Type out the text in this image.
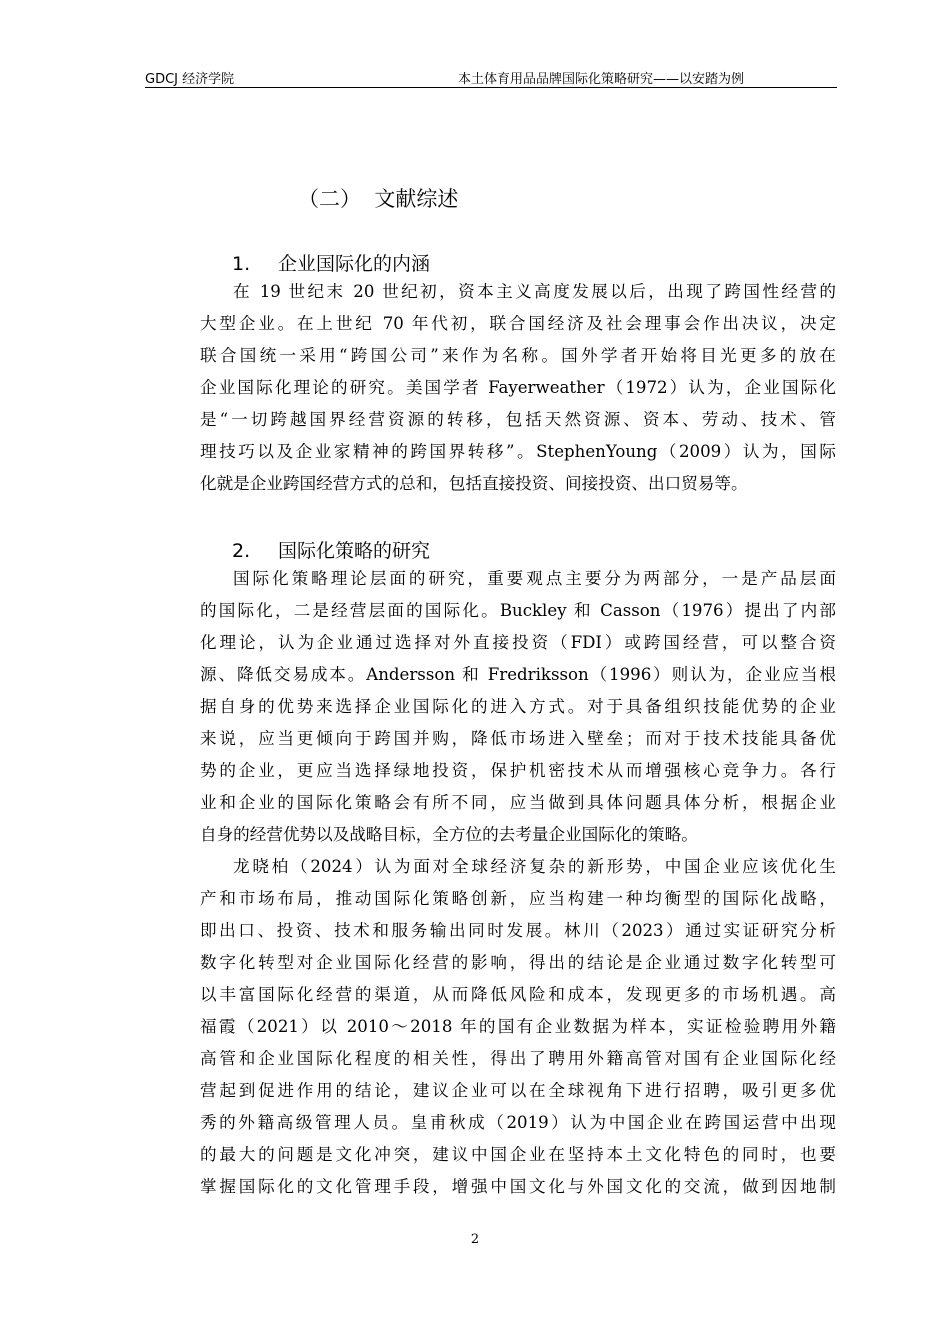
GDCJ 经济学院	本土体育用品品牌国际化策略研究——以安踏为例
（二）  文献综述
1. 企业国际化的内涵
在 19 世纪末 20 世纪初，资本主义高度发展以后，出现了跨国性经营的
大型企业。在上世纪 70 年代初，联合国经济及社会理事会作出决议，决定
联合国统一采用“跨国公司”来作为名称。国外学者开始将目光更多的放在
企业国际化理论的研究。美国学者 Fayerweather（1972）认为，企业国际化
是“一切跨越国界经营资源的转移，包括天然资源、资本、劳动、技术、管
理技巧以及企业家精神的跨国界转移”。StephenYoung（2009）认为，国际
化就是企业跨国经营方式的总和，包括直接投资、间接投资、出口贸易等。
2. 国际化策略的研究
国际化策略理论层面的研究，重要观点主要分为两部分，一是产品层面
的国际化，二是经营层面的国际化。Buckley 和 Casson（1976）提出了内部
化理论，认为企业通过选择对外直接投资（FDI）或跨国经营，可以整合资
源、降低交易成本。Andersson 和 Fredriksson（1996）则认为，企业应当根
据自身的优势来选择企业国际化的进入方式。对于具备组织技能优势的企业
来说，应当更倾向于跨国并购，降低市场进入壁垒；而对于技术技能具备优
势的企业，更应当选择绿地投资，保护机密技术从而增强核心竞争力。各行
业和企业的国际化策略会有所不同，应当做到具体问题具体分析，根据企业
自身的经营优势以及战略目标，全方位的去考量企业国际化的策略。
龙晓柏（2024）认为面对全球经济复杂的新形势，中国企业应该优化生
产和市场布局，推动国际化策略创新，应当构建一种均衡型的国际化战略，
即出口、投资、技术和服务输出同时发展。林川（2023）通过实证研究分析
数字化转型对企业国际化经营的影响，得出的结论是企业通过数字化转型可
以丰富国际化经营的渠道，从而降低风险和成本，发现更多的市场机遇。高
福霞（2021）以 2010～2018 年的国有企业数据为样本，实证检验聘用外籍
高管和企业国际化程度的相关性，得出了聘用外籍高管对国有企业国际化经
营起到促进作用的结论，建议企业可以在全球视角下进行招聘，吸引更多优
秀的外籍高级管理人员。皇甫秋成（2019）认为中国企业在跨国运营中出现
的最大的问题是文化冲突，建议中国企业在坚持本土文化特色的同时，也要
掌握国际化的文化管理手段，增强中国文化与外国文化的交流，做到因地制
2
